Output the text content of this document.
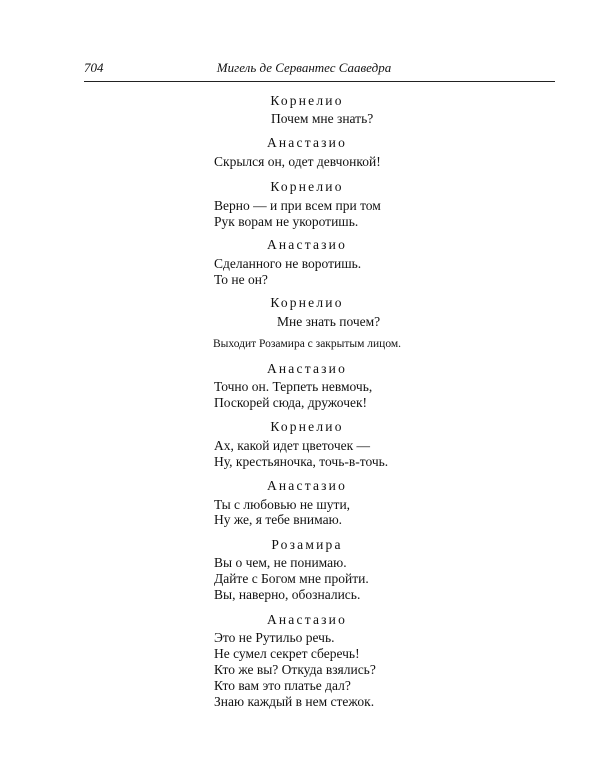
704	Мигель де Сервантес Сааведра
Корнелио
Почем мне знать?
Анастазио
Скрылся он, одет девчонкой!
Корнелио
Верно — и при всем при том
Рук ворам не укоротишь.
Анастазио
Сделанного не воротишь.
То не он?
Корнелио
Мне знать почем?
Выходит Розамира с закрытым лицом.
Анастазио
Точно он. Терпеть невмочь,
Поскорей сюда, дружочек!
Корнелио
Ах, какой идет цветочек —
Ну, крестьяночка, точь-в-точь.
Анастазио
Ты с любовью не шути,
Ну же, я тебе внимаю.
Розамира
Вы о чем, не понимаю.
Дайте с Богом мне пройти.
Вы, наверно, обознались.
Анастазио
Это не Рутильо речь.
Не сумел секрет сберечь!
Кто же вы? Откуда взялись?
Кто вам это платье дал?
Знаю каждый в нем стежок.
